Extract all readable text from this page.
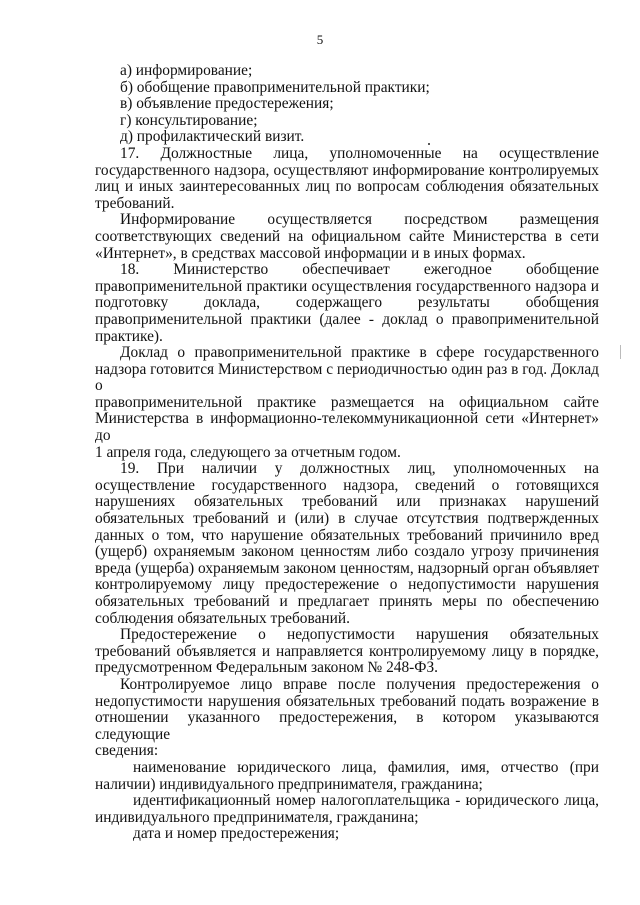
5
а) информирование;
б) обобщение правоприменительной практики;
в) объявление предостережения;
г) консультирование;
д) профилактический визит.
17. Должностные лица, уполномоченные на осуществление
государственного надзора, осуществляют информирование контролируемых
лиц и иных заинтересованных лиц по вопросам соблюдения обязательных
требований.
Информирование осуществляется посредством размещения
соответствующих сведений на официальном сайте Министерства в сети
«Интернет», в средствах массовой информации и в иных формах.
18. Министерство обеспечивает ежегодное обобщение
правоприменительной практики осуществления государственного надзора и
подготовку доклада, содержащего результаты обобщения
правоприменительной практики (далее - доклад о правоприменительной
практике).
Доклад о правоприменительной практике в сфере государственного
надзора готовится Министерством с периодичностью один раз в год. Доклад о
правоприменительной практике размещается на официальном сайте
Министерства в информационно-телекоммуникационной сети «Интернет» до
1 апреля года, следующего за отчетным годом.
19. При наличии у должностных лиц, уполномоченных на
осуществление государственного надзора, сведений о готовящихся
нарушениях обязательных требований или признаках нарушений
обязательных требований и (или) в случае отсутствия подтвержденных
данных о том, что нарушение обязательных требований причинило вред
(ущерб) охраняемым законом ценностям либо создало угрозу причинения
вреда (ущерба) охраняемым законом ценностям, надзорный орган объявляет
контролируемому лицу предостережение о недопустимости нарушения
обязательных требований и предлагает принять меры по обеспечению
соблюдения обязательных требований.
Предостережение о недопустимости нарушения обязательных
требований объявляется и направляется контролируемому лицу в порядке,
предусмотренном Федеральным законом № 248-ФЗ.
Контролируемое лицо вправе после получения предостережения о
недопустимости нарушения обязательных требований подать возражение в
отношении указанного предостережения, в котором указываются следующие
сведения:
наименование юридического лица, фамилия, имя, отчество (при
наличии) индивидуального предпринимателя, гражданина;
идентификационный номер налогоплательщика - юридического лица,
индивидуального предпринимателя, гражданина;
дата и номер предостережения;
